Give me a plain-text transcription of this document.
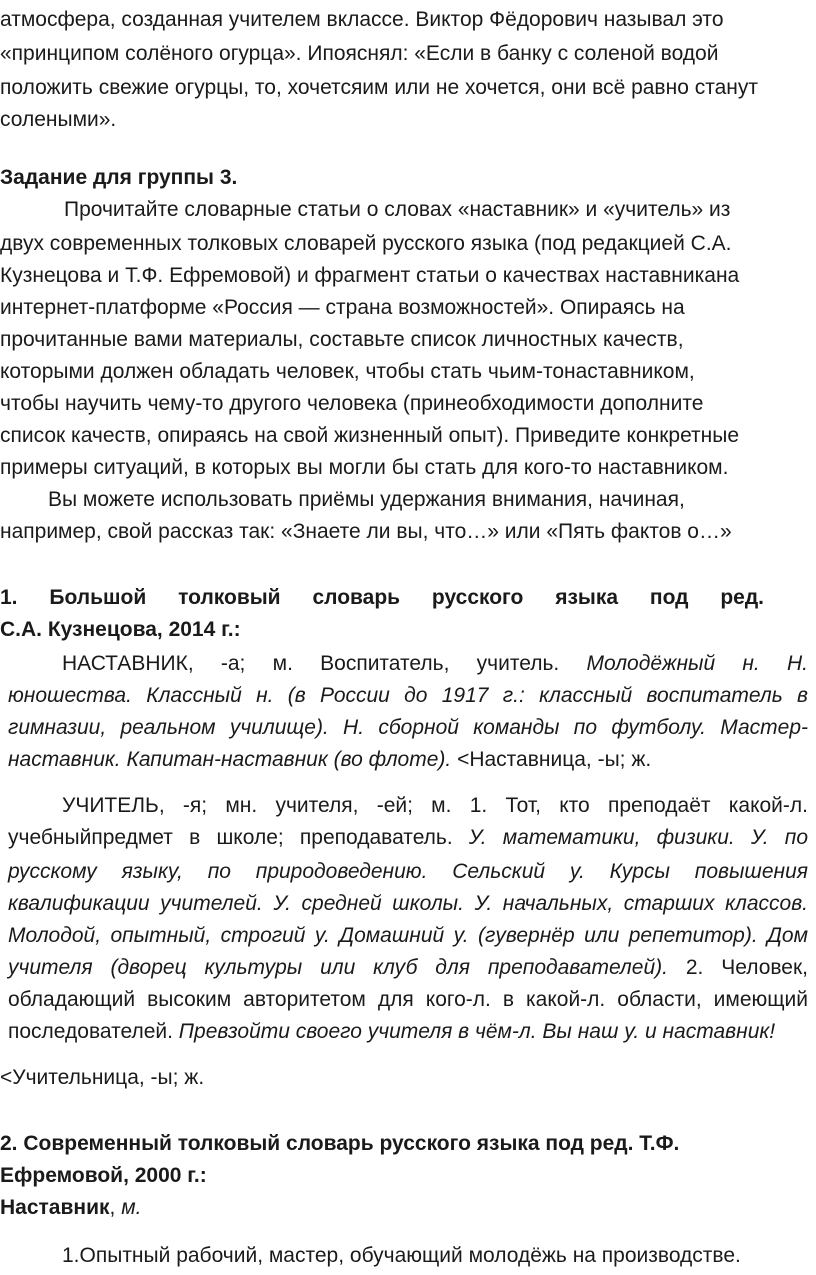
атмосфера, созданная учителем вклассе. Виктор Фёдорович называл это
«принципом солёного огурца». Ипояснял: «Если в банку с соленой водой
положить свежие огурцы, то, хочетсяим или не хочется, они всё равно станут
солеными».
Задание для группы 3.
Прочитайте словарные статьи о словах «наставник» и «учитель» из
двух современных толковых словарей русского языка (под редакцией С.А.
Кузнецова и Т.Ф. Ефремовой) и фрагмент статьи о качествах наставникана
интернет-платформе «Россия — страна возможностей». Опираясь на
прочитанные вами материалы, составьте список личностных качеств,
которыми должен обладать человек, чтобы стать чьим-тонаставником,
чтобы научить чему-то другого человека (принеобходимости дополните
список качеств, опираясь на свой жизненный опыт). Приведите конкретные
примеры ситуаций, в которых вы могли бы стать для кого-то наставником.
Вы можете использовать приёмы удержания внимания, начиная,
например, свой рассказ так: «Знаете ли вы, что…» или «Пять фактов о…»
1. Большой толковый словарь русского языка под ред.
С.А. Кузнецова, 2014 г.:
НАСТАВНИК, -а; м. Воспитатель, учитель. Молодёжный н. Н.
юношества. Классный н. (в России до 1917 г.: классный воспитатель в
гимназии, реальном училище). Н. сборной команды по футболу. Мастер-
наставник. Капитан-наставник (во флоте). <Наставница, -ы; ж.
УЧИТЕЛЬ, -я; мн. учителя, -ей; м. 1. Тот, кто преподаёт какой-л.
учебныйпредмет в школе; преподаватель. У. математики, физики. У. по
русскому языку, по природоведению. Сельский у. Курсы повышения
квалификации учителей. У. средней школы. У. начальных, старших классов.
Молодой, опытный, строгий у. Домашний у. (гувернёр или репетитор). Дом
учителя (дворец культуры или клуб для преподавателей). 2. Человек,
обладающий высоким авторитетом для кого-л. в какой-л. области, имеющий
последователей. Превзойти своего учителя в чём-л. Вы наш у. и наставник!
<Учительница, -ы; ж.
2. Современный толковый словарь русского языка под ред. Т.Ф.
Ефремовой, 2000 г.:
Наставник, м.
1.Опытный рабочий, мастер, обучающий молодёжь на производстве.
